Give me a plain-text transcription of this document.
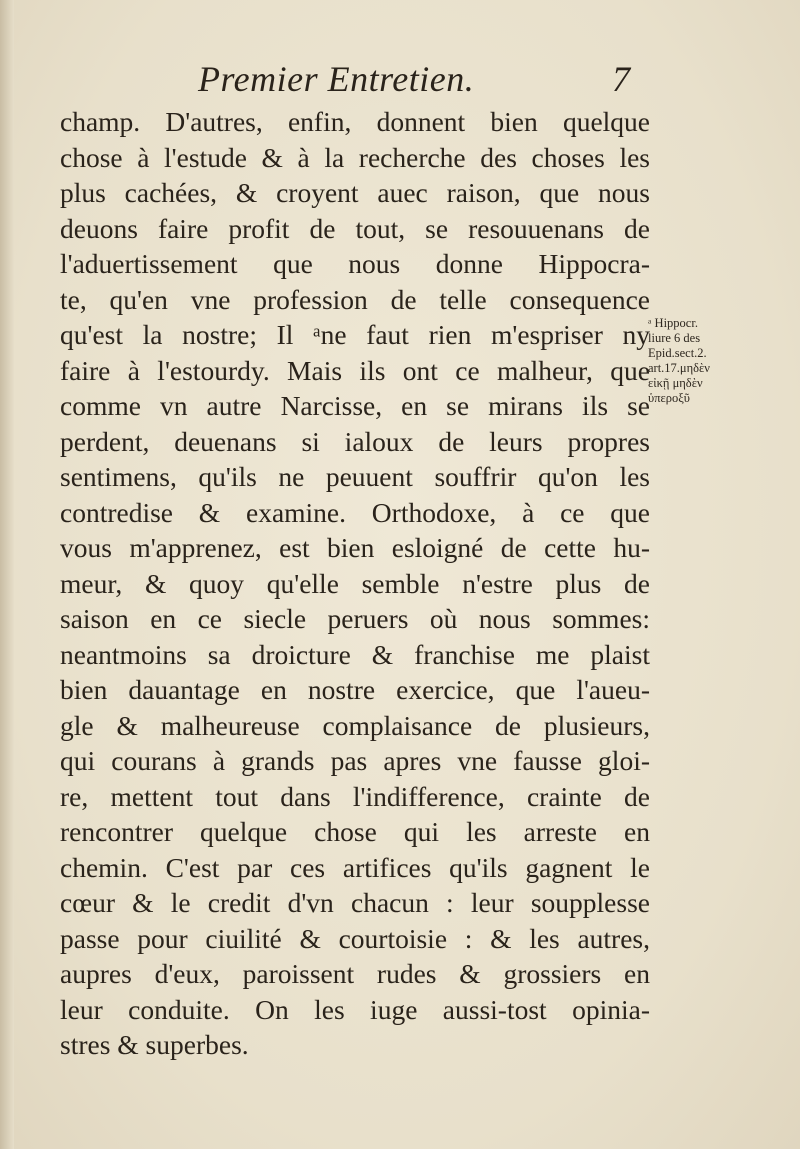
Premier Entretien.	7
champ. D'autres, enfin, donnent bien quelque
chose à l'estude & à la recherche des choses les
plus cachées, & croyent auec raison, que nous
deuons faire profit de tout, se resouuenans de
l'aduertissement que nous donne Hippocra-
te, qu'en vne profession de telle consequence
qu'est la nostre; Il ᵃne faut rien m'espriser ny
faire à l'estourdy. Mais ils ont ce malheur, que
comme vn autre Narcisse, en se mirans ils se
perdent, deuenans si ialoux de leurs propres
sentimens, qu'ils ne peuuent souffrir qu'on les
contredise & examine. Orthodoxe, à ce que
vous m'apprenez, est bien esloigné de cette hu-
meur, & quoy qu'elle semble n'estre plus de
saison en ce siecle peruers où nous sommes:
neantmoins sa droicture & franchise me plaist
bien dauantage en nostre exercice, que l'aueu-
gle & malheureuse complaisance de plusieurs,
qui courans à grands pas apres vne fausse gloi-
re, mettent tout dans l'indifference, crainte de
rencontrer quelque chose qui les arreste en
chemin. C'est par ces artifices qu'ils gagnent le
cœur & le credit d'vn chacun : leur soupplesse
passe pour ciuilité & courtoisie : & les autres,
aupres d'eux, paroissent rudes & grossiers en
leur conduite. On les iuge aussi-tost opinia-
stres & superbes.
ᵃ Hippocr.
liure 6 des
Epid.sect.2.
art.17.μηδὲν
εἰκῇ μηδὲν
ὑπεροξῦ
